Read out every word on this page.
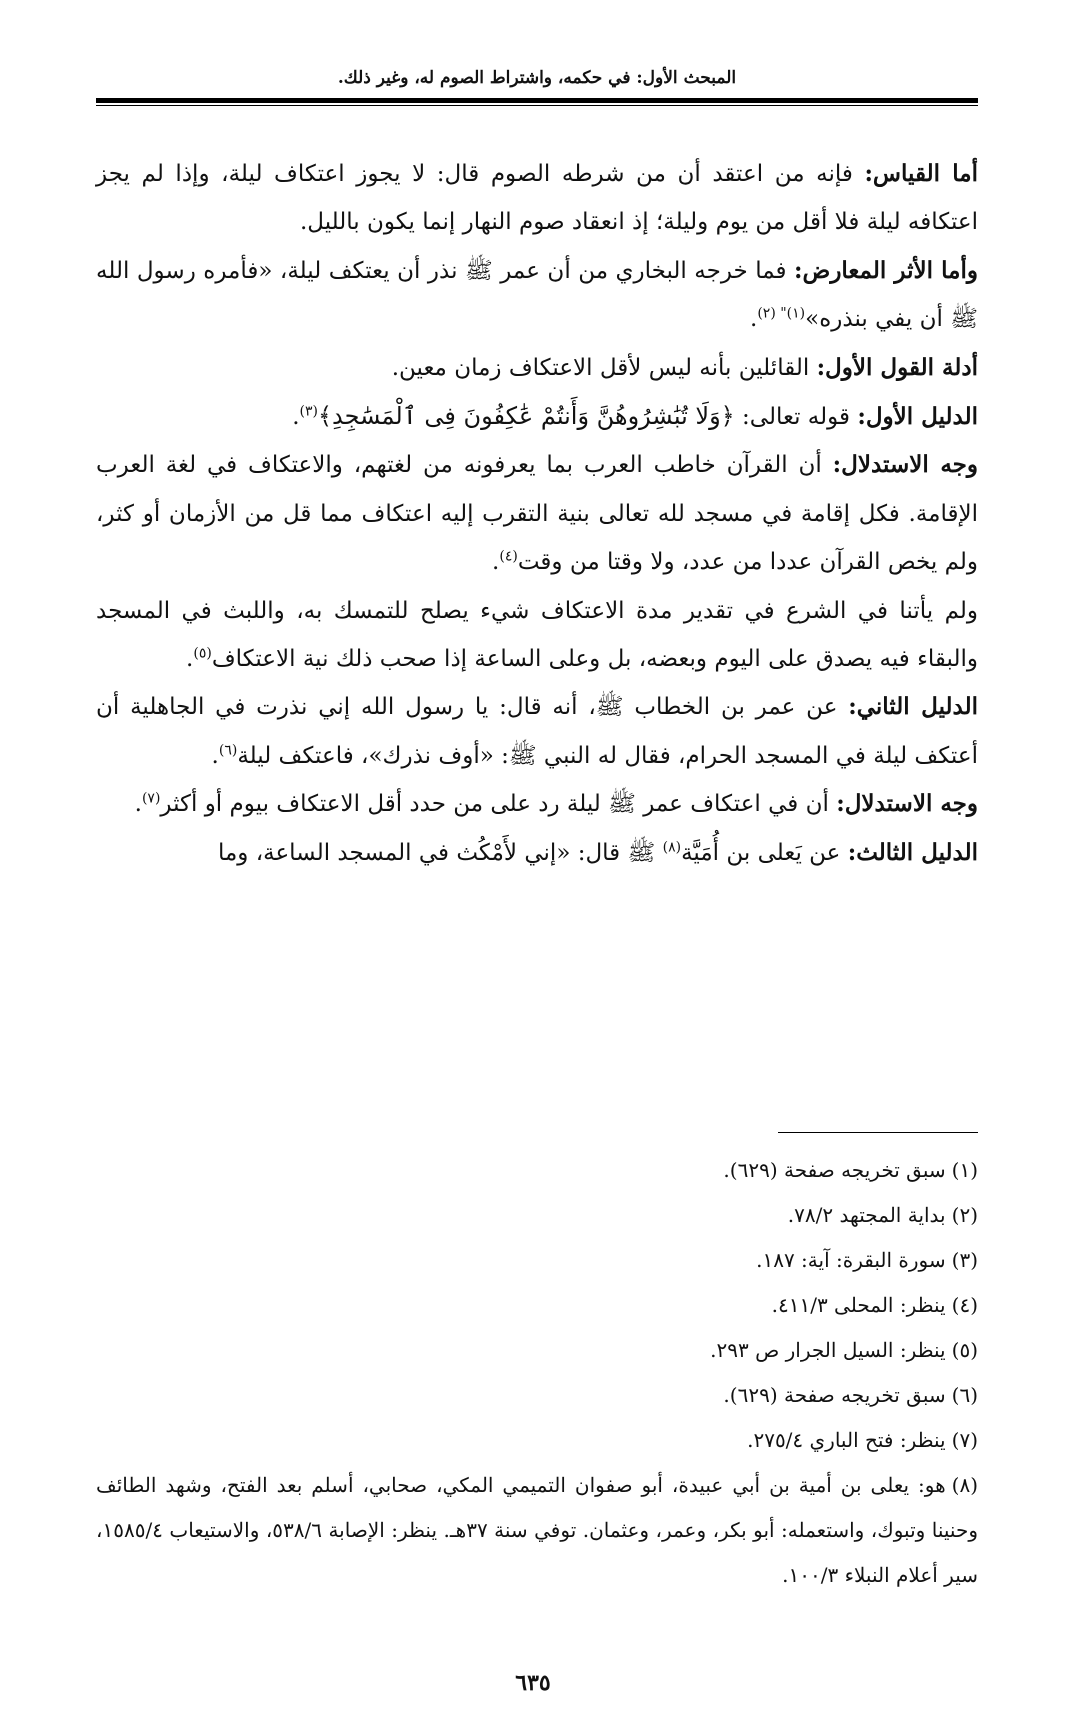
المبحث الأول: في حكمه، واشتراط الصوم له، وغير ذلك.

أما القياس: فإنه من اعتقد أن من شرطه الصوم قال: لا يجوز اعتكاف ليلة، وإذا لم يجز اعتكافه ليلة فلا أقل من يوم وليلة؛ إذ انعقاد صوم النهار إنما يكون بالليل.

وأما الأثر المعارض: فما خرجه البخاري من أن عمر ﷺ نذر أن يعتكف ليلة، «فأمره رسول الله ﷺ أن يفي بنذره»$^{(١)" (٢)}$.

أدلة القول الأول: القائلين بأنه ليس لأقل الاعتكاف زمان معين.

الدليل الأول: قوله تعالى: ﴿وَلَا تُبَٰشِرُوهُنَّ وَأَنتُمْ عَٰكِفُونَ فِى ٱلْمَسَٰجِدِ﴾$^{(٣)}$.

وجه الاستدلال: أن القرآن خاطب العرب بما يعرفونه من لغتهم، والاعتكاف في لغة العرب الإقامة. فكل إقامة في مسجد لله تعالى بنية التقرب إليه اعتكاف مما قل من الأزمان أو كثر، ولم يخص القرآن عددا من عدد، ولا وقتا من وقت$^{(٤)}$.

ولم يأتنا في الشرع في تقدير مدة الاعتكاف شيء يصلح للتمسك به، واللبث في المسجد والبقاء فيه يصدق على اليوم وبعضه، بل وعلى الساعة إذا صحب ذلك نية الاعتكاف$^{(٥)}$.

الدليل الثاني: عن عمر بن الخطاب ﷺ، أنه قال: يا رسول الله إني نذرت في الجاهلية أن أعتكف ليلة في المسجد الحرام، فقال له النبي ﷺ: «أوف نذرك»، فاعتكف ليلة$^{(٦)}$.

وجه الاستدلال: أن في اعتكاف عمر ﷺ ليلة رد على من حدد أقل الاعتكاف بيوم أو أكثر$^{(٧)}$.

الدليل الثالث: عن يَعلى بن أُمَيَّة$^{(٨)}$ ﷺ قال: «إني لأَمْكُث في المسجد الساعة، وما

(١)سبق تخريجه صفحة (٦٢٩).

(٢)بداية المجتهد ٧٨/٢.

(٣)سورة البقرة: آية: ١٨٧.

(٤)ينظر: المحلى ٤١١/٣.

(٥)ينظر: السيل الجرار ص ٢٩٣.

(٦)سبق تخريجه صفحة (٦٢٩).

(٧)ينظر: فتح الباري ٢٧٥/٤.

(٨)هو: يعلى بن أمية بن أبي عبيدة، أبو صفوان التميمي المكي، صحابي، أسلم بعد الفتح، وشهد الطائف وحنينا وتبوك، واستعمله: أبو بكر، وعمر، وعثمان. توفي سنة ٣٧هـ. ينظر: الإصابة ٥٣٨/٦، والاستيعاب ١٥٨٥/٤، سير أعلام النبلاء ١٠٠/٣.

٦٣٥
